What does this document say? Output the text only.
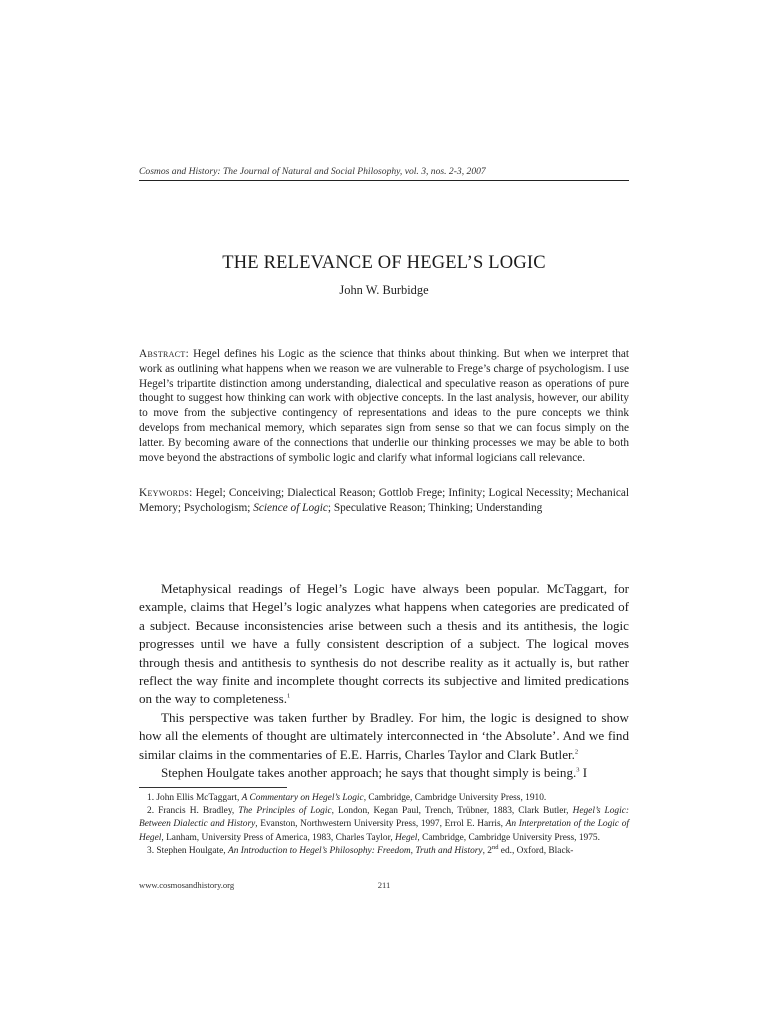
Cosmos and History: The Journal of Natural and Social Philosophy, vol. 3, nos. 2-3, 2007
THE RELEVANCE OF HEGEL’S LOGIC
John W. Burbidge

Abstract: Hegel defines his Logic as the science that thinks about thinking. But when we interpret that work as outlining what happens when we reason we are vulnerable to Frege’s charge of psychologism. I use Hegel’s tripartite distinction among understanding, dialectical and speculative reason as operations of pure thought to suggest how thinking can work with objective concepts. In the last analysis, however, our ability to move from the subjective contingency of representations and ideas to the pure concepts we think develops from mechanical memory, which separates sign from sense so that we can focus simply on the latter. By becoming aware of the connections that underlie our thinking processes we may be able to both move beyond the abstractions of symbolic logic and clarify what informal logicians call relevance.

Keywords: Hegel; Conceiving; Dialectical Reason; Gottlob Frege; Infinity; Logical Necessity; Mechanical Memory; Psychologism; Science of Logic; Speculative Reason; Thinking; Understanding

Metaphysical readings of Hegel’s Logic have always been popular. McTaggart, for example, claims that Hegel’s logic analyzes what happens when categories are predicated of a subject. Because inconsistencies arise between such a thesis and its antithesis, the logic progresses until we have a fully consistent description of a subject. The logical moves through thesis and antithesis to synthesis do not describe reality as it actually is, but rather reflect the way finite and incomplete thought corrects its subjective and limited predications on the way to completeness.$^1$

This perspective was taken further by Bradley. For him, the logic is designed to show how all the elements of thought are ultimately interconnected in ‘the Absolute’. And we find similar claims in the commentaries of E.E. Harris, Charles Taylor and Clark Butler.$^2$

Stephen Houlgate takes another approach; he says that thought simply is being.$^3$ I

1. John Ellis McTaggart, A Commentary on Hegel’s Logic, Cambridge, Cambridge University Press, 1910.

2. Francis H. Bradley, The Principles of Logic, London, Kegan Paul, Trench, Trübner, 1883, Clark Butler, Hegel’s Logic: Between Dialectic and History, Evanston, Northwestern University Press, 1997, Errol E. Harris, An Interpretation of the Logic of Hegel, Lanham, University Press of America, 1983, Charles Taylor, Hegel, Cambridge, Cambridge University Press, 1975.

3. Stephen Houlgate, An Introduction to Hegel’s Philosophy: Freedom, Truth and History, 2nd ed., Oxford, Black-

www.cosmosandhistory.org	211
